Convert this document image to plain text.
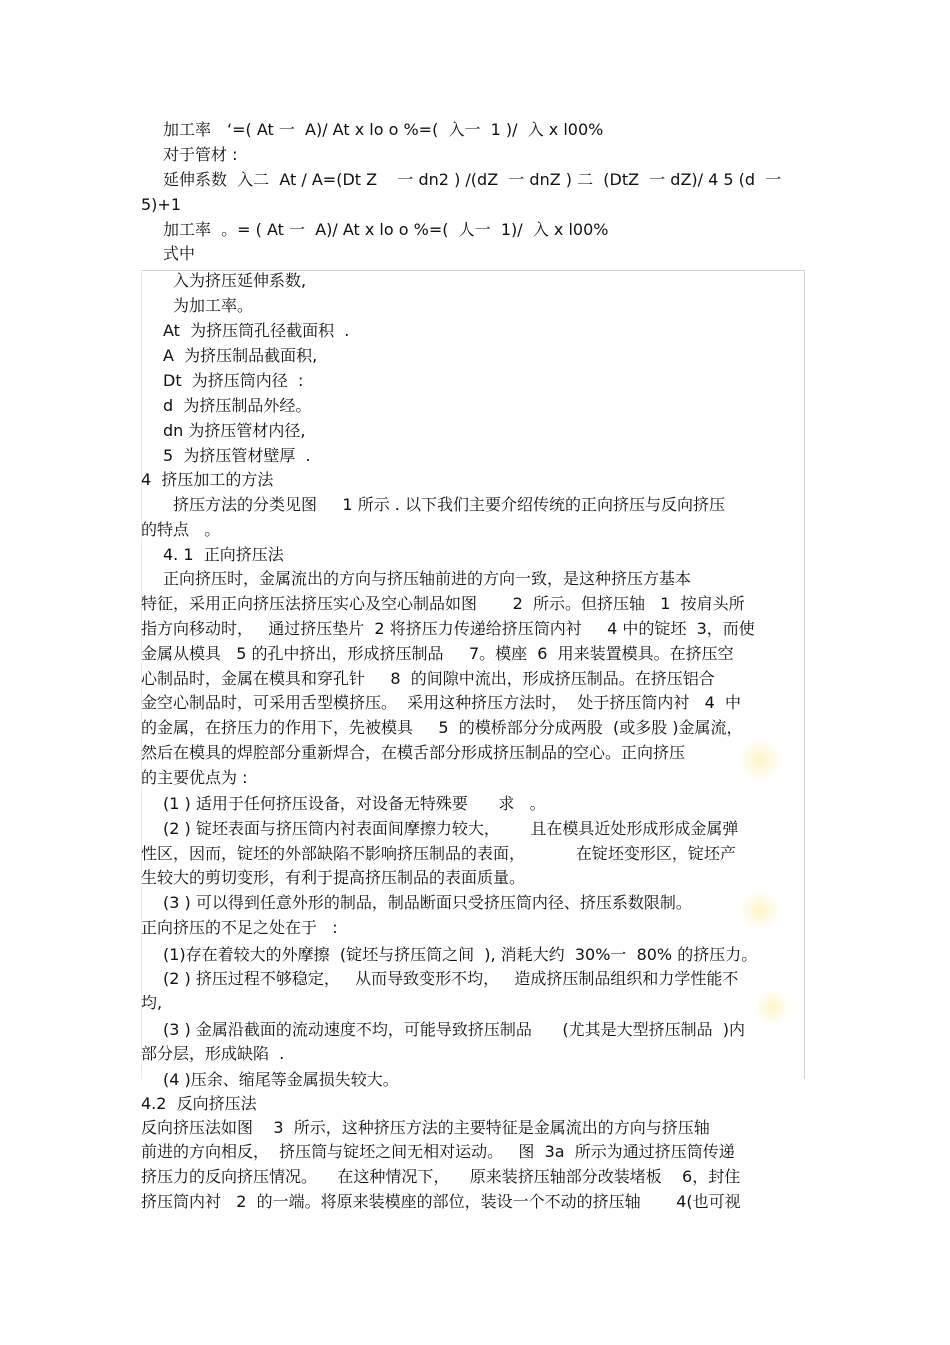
加工率　‘=( At 一  A)/ At x lo o %=(  入一  1 )/  入 x l00%
对于管材 :
延伸系数  入二  At / A=(Dt Z    一 dn2 ) /(dZ  一 dnZ ) 二  (DtZ  一 dZ)/ 4 5 (d  一
5)+1
加工率  。= ( At 一  A)/ At x lo o %=(  人一  1)/  入 x l00%
式中
入为挤压延伸系数,
为加工率。
At  为挤压筒孔径截面积  .
A  为挤压制品截面积,
Dt  为挤压筒内径  :
d  为挤压制品外经。
dn 为挤压管材内径,
5  为挤压管材壁厚  .
4  挤压加工的方法
挤压方法的分类见图     1 所示 . 以下我们主要介绍传统的正向挤压与反向挤压
的特点   。
4. 1  正向挤压法
正向挤压时，金属流出的方向与挤压轴前进的方向一致，是这种挤压方基本
特征，采用正向挤压法挤压实心及空心制品如图       2  所示。但挤压轴   1  按肩头所
指方向移动时，   通过挤压垫片  2 将挤压力传递给挤压筒内衬     4 中的锭坯  3，而使
金属从模具   5 的孔中挤出，形成挤压制品     7。模座  6  用来装置模具。在挤压空
心制品时，金属在模具和穿孔针     8  的间隙中流出，形成挤压制品。在挤压铝合
金空心制品时，可采用舌型模挤压。  采用这种挤压方法时，  处于挤压筒内衬   4  中
的金属，在挤压力的作用下，先被模具     5  的模桥部分分成两股  (或多股 )金属流，
然后在模具的焊腔部分重新焊合，在模舌部分形成挤压制品的空心。正向挤压
的主要优点为 :
(1 ) 适用于任何挤压设备，对设备无特殊要      求   。
(2 ) 锭坯表面与挤压筒内衬表面间摩擦力较大，      且在模具近处形成形成金属弹
性区，因而，锭坯的外部缺陷不影响挤压制品的表面，          在锭坯变形区，锭坯产
生较大的剪切变形，有利于提高挤压制品的表面质量。
(3 ) 可以得到任意外形的制品，制品断面只受挤压筒内径、挤压系数限制。
正向挤压的不足之处在于   :
(1)存在着较大的外摩擦  (锭坯与挤压筒之间  ), 消耗大约  30%一  80% 的挤压力。
(2 ) 挤压过程不够稳定，   从而导致变形不均，   造成挤压制品组织和力学性能不
均,
(3 ) 金属沿截面的流动速度不均，可能导致挤压制品      (尤其是大型挤压制品  )内
部分层，形成缺陷  .
(4 )压余、缩尾等金属损失较大。
4.2  反向挤压法
反向挤压法如图    3  所示，这种挤压方法的主要特征是金属流出的方向与挤压轴
前进的方向相反，  挤压筒与锭坯之间无相对运动。   图  3a  所示为通过挤压筒传递
挤压力的反向挤压情况。    在这种情况下，    原来装挤压轴部分改装堵板    6，封住
挤压筒内衬   2  的一端。将原来装模座的部位，装设一个不动的挤压轴       4(也可视
